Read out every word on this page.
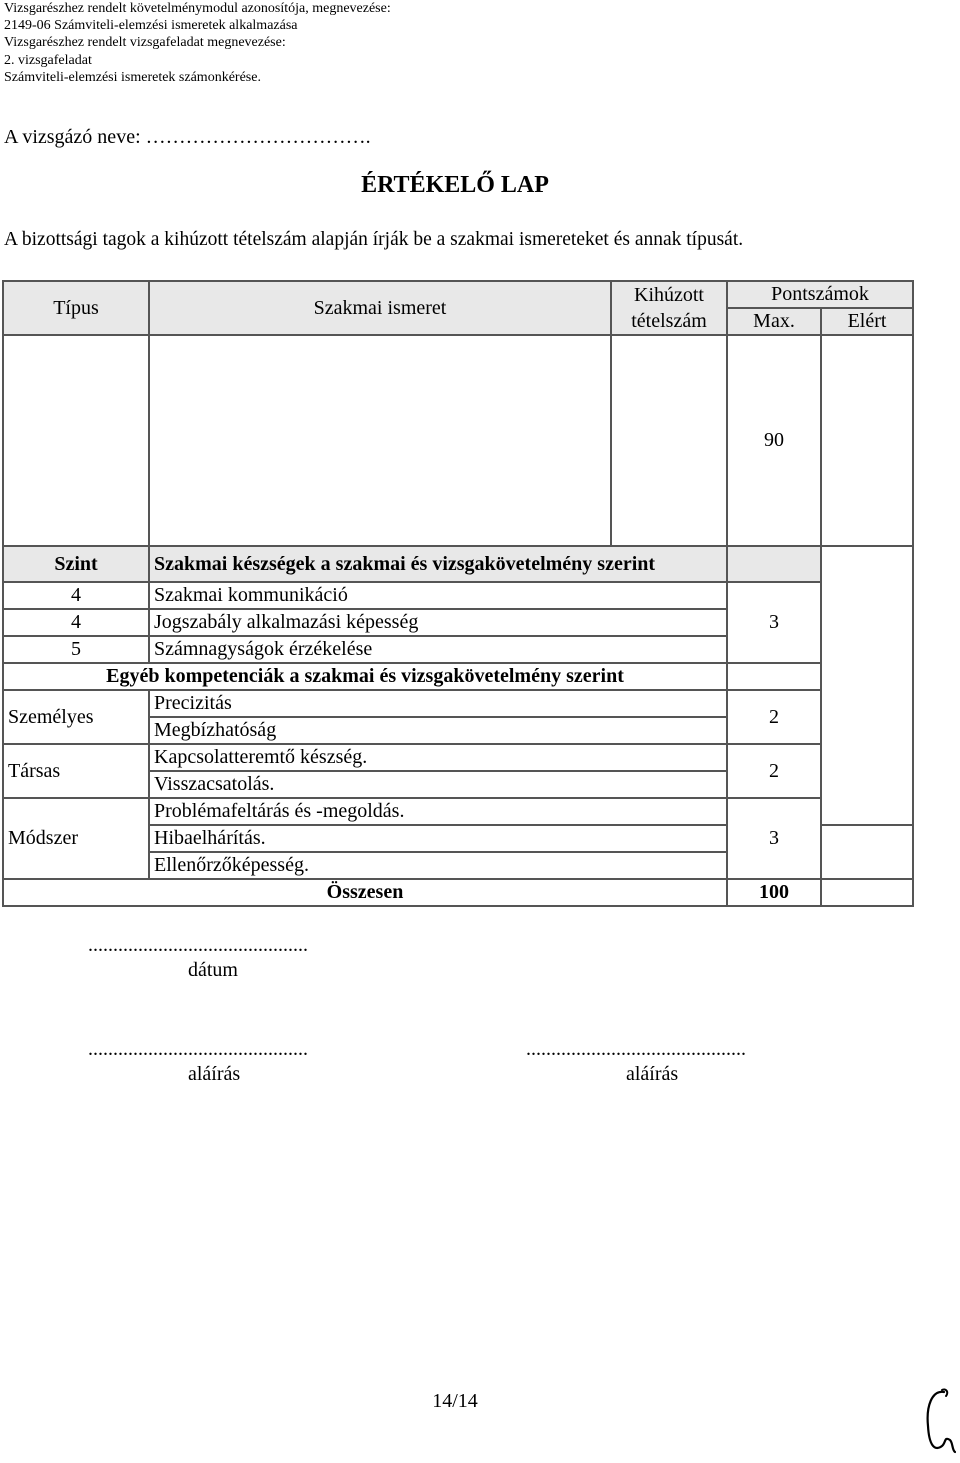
Vizsgarészhez rendelt követelménymodul azonosítója, megnevezése:
2149-06 Számviteli-elemzési ismeretek alkalmazása
Vizsgarészhez rendelt vizsgafeladat megnevezése:
2. vizsgafeladat
Számviteli-elemzési ismeretek számonkérése.
A vizsgázó neve: …………………………….
ÉRTÉKELŐ LAP
A bizottsági tagok a kihúzott tételszám alapján írják be a szakmai ismereteket és annak típusát.
Típus	Szakmai ismeret	Kihúzott	Pontszámok		
		tételszám	Max.	Elért	
			90		
Szint	Szakmai készségek a szakmai és vizsgakövetelmény szerint				
4	Szakmai kommunikáció		3		
4	Jogszabály alkalmazási képesség				
5	Számnagyságok érzékelése				
Egyéb kompetenciák a szakmai és vizsgakövetelmény szerint					
Személyes	Precizitás		2		
	Megbízhatóság				
Társas	Kapcsolatteremtő készség.		2		
	Visszacsatolás.				
Módszer	Problémafeltárás és -megoldás.		3		
	Hibaelhárítás.				
	Ellenőrzőképesség.				
Összesen			100		
............................................
dátum
............................................
aláírás
............................................
aláírás
14/14
